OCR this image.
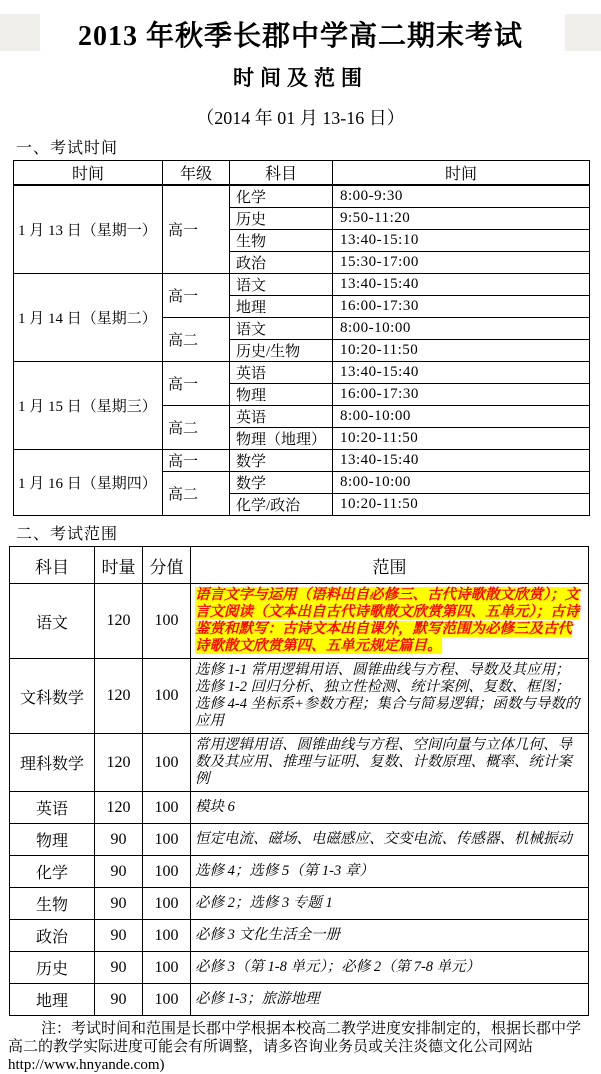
2013 年秋季长郡中学高二期末考试
时间及范围
（2014 年 01 月 13-16 日）
一、考试时间
时间	年级	科目	时间
1 月 13 日（星期一）	高一	化学	8:00-9:30
		历史	9:50-11:20
		生物	13:40-15:10
		政治	15:30-17:00
1 月 14 日（星期二）	高一	语文	13:40-15:40
		地理	16:00-17:30
	高二	语文	8:00-10:00
		历史/生物	10:20-11:50
1 月 15 日（星期三）	高一	英语	13:40-15:40
		物理	16:00-17:30
	高二	英语	8:00-10:00
		物理（地理）	10:20-11:50
1 月 16 日（星期四）	高一	数学	13:40-15:40
	高二	数学	8:00-10:00
		化学/政治	10:20-11:50
二、考试范围
科目	时量	分值	范围
语文	120	100	语言文字与运用（语料出自必修三、古代诗歌散文欣赏）；文言文阅读（文本出自古代诗歌散文欣赏第四、五单元）；古诗鉴赏和默写：古诗文本出自课外，默写范围为必修三及古代诗歌散文欣赏第四、五单元规定篇目。
文科数学	120	100	选修 1-1 常用逻辑用语、圆锥曲线与方程、导数及其应用；选修 1-2 回归分析、独立性检测、统计案例、复数、框图；选修 4-4 坐标系+参数方程；集合与简易逻辑；函数与导数的应用
理科数学	120	100	常用逻辑用语、圆锥曲线与方程、空间向量与立体几何、导数及其应用、推理与证明、复数、计数原理、概率、统计案例
英语	120	100	模块 6
物理	90	100	恒定电流、磁场、电磁感应、交变电流、传感器、机械振动
化学	90	100	选修 4；选修 5（第 1-3 章）
生物	90	100	必修 2；选修 3 专题 1
政治	90	100	必修 3 文化生活全一册
历史	90	100	必修 3（第 1-8 单元）；必修 2（第 7-8 单元）
地理	90	100	必修 1-3；旅游地理
注：考试时间和范围是长郡中学根据本校高二教学进度安排制定的，根据长郡中学
高二的教学实际进度可能会有所调整，请多咨询业务员或关注炎德文化公司网站
http://www.hnyande.com)
